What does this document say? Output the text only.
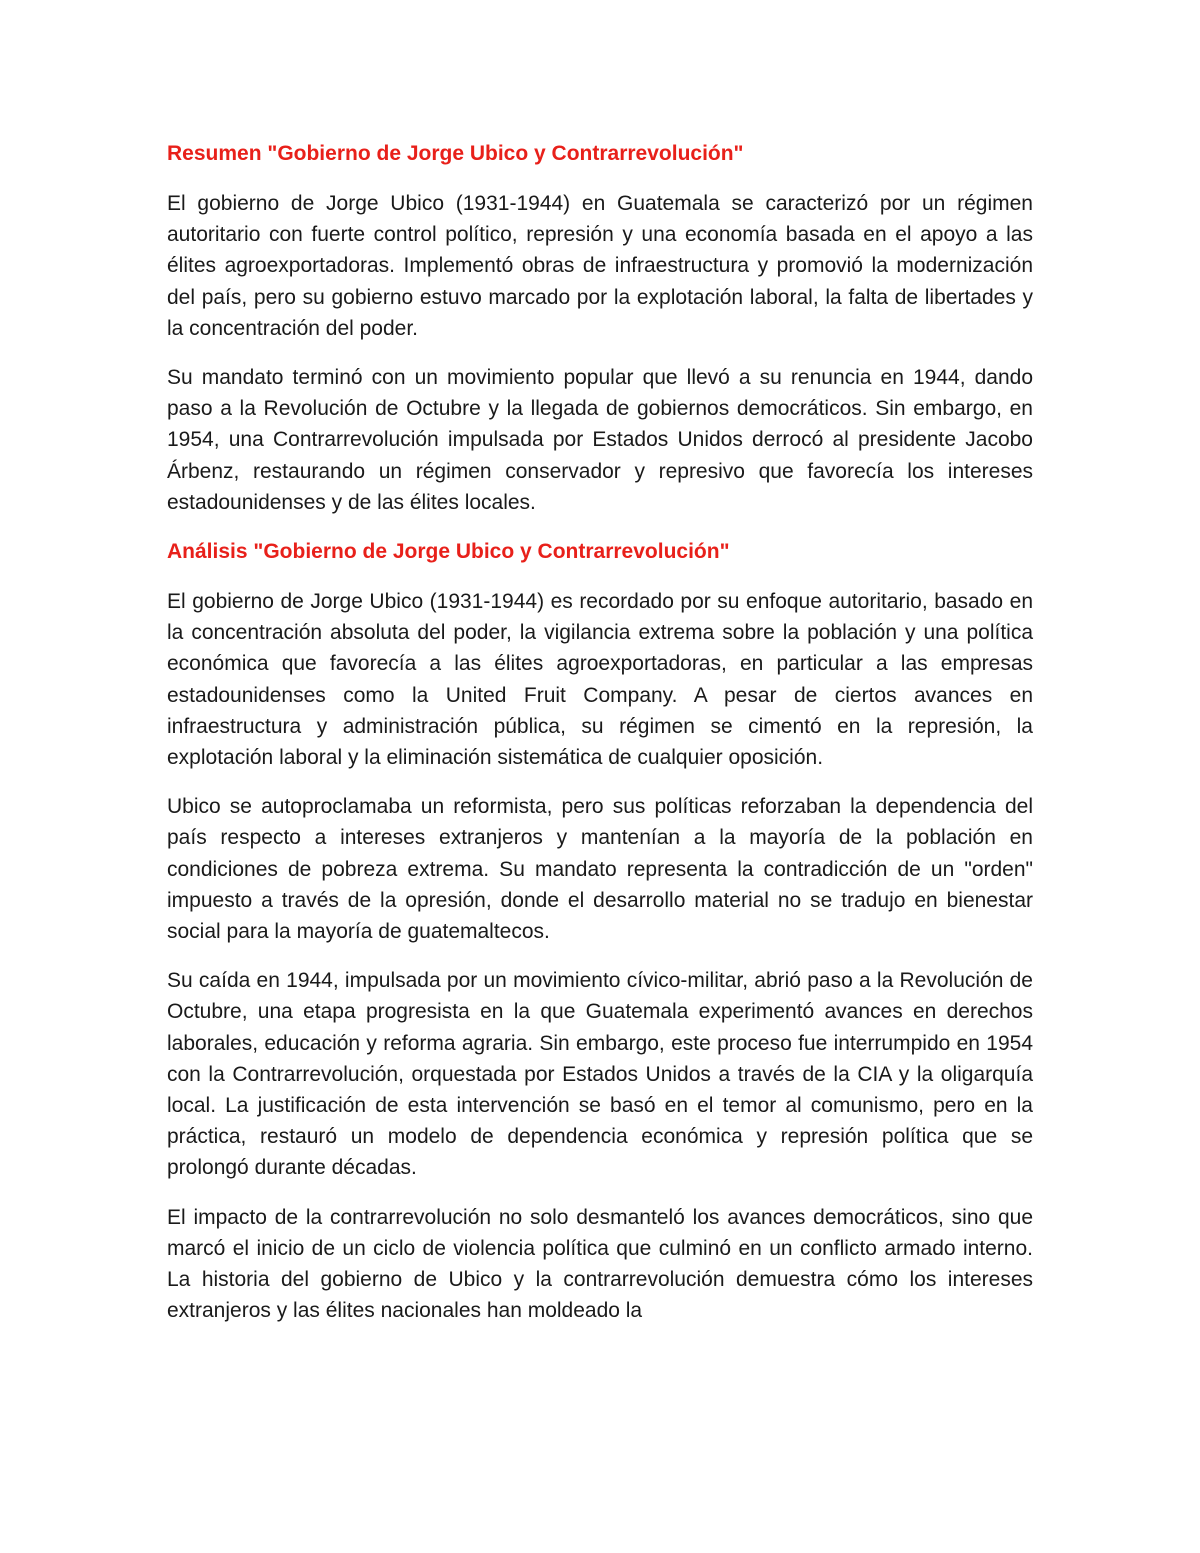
Resumen "Gobierno de Jorge Ubico y Contrarrevolución"

El gobierno de Jorge Ubico (1931-1944) en Guatemala se caracterizó por un régimen autoritario con fuerte control político, represión y una economía basada en el apoyo a las élites agroexportadoras. Implementó obras de infraestructura y promovió la modernización del país, pero su gobierno estuvo marcado por la explotación laboral, la falta de libertades y la concentración del poder.

Su mandato terminó con un movimiento popular que llevó a su renuncia en 1944, dando paso a la Revolución de Octubre y la llegada de gobiernos democráticos. Sin embargo, en 1954, una Contrarrevolución impulsada por Estados Unidos derrocó al presidente Jacobo Árbenz, restaurando un régimen conservador y represivo que favorecía los intereses estadounidenses y de las élites locales.

Análisis "Gobierno de Jorge Ubico y Contrarrevolución"

El gobierno de Jorge Ubico (1931-1944) es recordado por su enfoque autoritario, basado en la concentración absoluta del poder, la vigilancia extrema sobre la población y una política económica que favorecía a las élites agroexportadoras, en particular a las empresas estadounidenses como la United Fruit Company. A pesar de ciertos avances en infraestructura y administración pública, su régimen se cimentó en la represión, la explotación laboral y la eliminación sistemática de cualquier oposición.

Ubico se autoproclamaba un reformista, pero sus políticas reforzaban la dependencia del país respecto a intereses extranjeros y mantenían a la mayoría de la población en condiciones de pobreza extrema. Su mandato representa la contradicción de un "orden" impuesto a través de la opresión, donde el desarrollo material no se tradujo en bienestar social para la mayoría de guatemaltecos.

Su caída en 1944, impulsada por un movimiento cívico-militar, abrió paso a la Revolución de Octubre, una etapa progresista en la que Guatemala experimentó avances en derechos laborales, educación y reforma agraria. Sin embargo, este proceso fue interrumpido en 1954 con la Contrarrevolución, orquestada por Estados Unidos a través de la CIA y la oligarquía local. La justificación de esta intervención se basó en el temor al comunismo, pero en la práctica, restauró un modelo de dependencia económica y represión política que se prolongó durante décadas.

El impacto de la contrarrevolución no solo desmanteló los avances democráticos, sino que marcó el inicio de un ciclo de violencia política que culminó en un conflicto armado interno. La historia del gobierno de Ubico y la contrarrevolución demuestra cómo los intereses extranjeros y las élites nacionales han moldeado la
